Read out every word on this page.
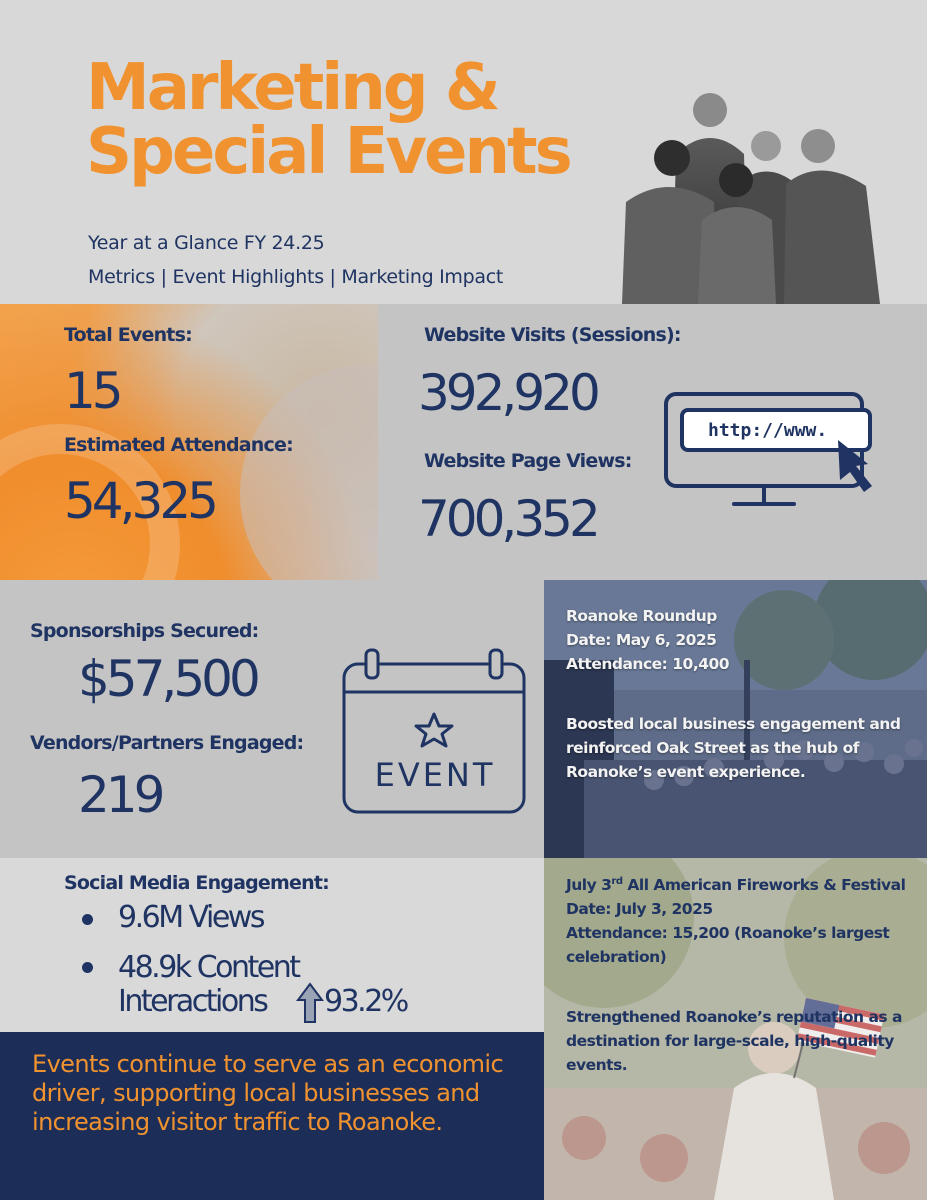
Marketing &
Special Events
Year at a Glance FY 24.25
Metrics | Event Highlights | Marketing Impact
Total Events:
15
Estimated Attendance:
54,325
Website Visits (Sessions):
392,920
Website Page Views:
700,352
http://www.
Sponsorships Secured:
$57,500
Vendors/Partners Engaged:
219	EVENT
Roanoke Roundup
Date: May 6, 2025
Attendance: 10,400
Boosted local business engagement and reinforced Oak Street as the hub of Roanoke’s event experience.
Social Media Engagement:
9.6M Views
48.9k Content
Interactions 93.2%
Events continue to serve as an economic driver, supporting local businesses and increasing visitor traffic to Roanoke.
July 3rd All American Fireworks & Festival
Date: July 3, 2025
Attendance: 15,200 (Roanoke’s largest celebration)
Strengthened Roanoke’s reputation as a destination for large-scale, high-quality events.
